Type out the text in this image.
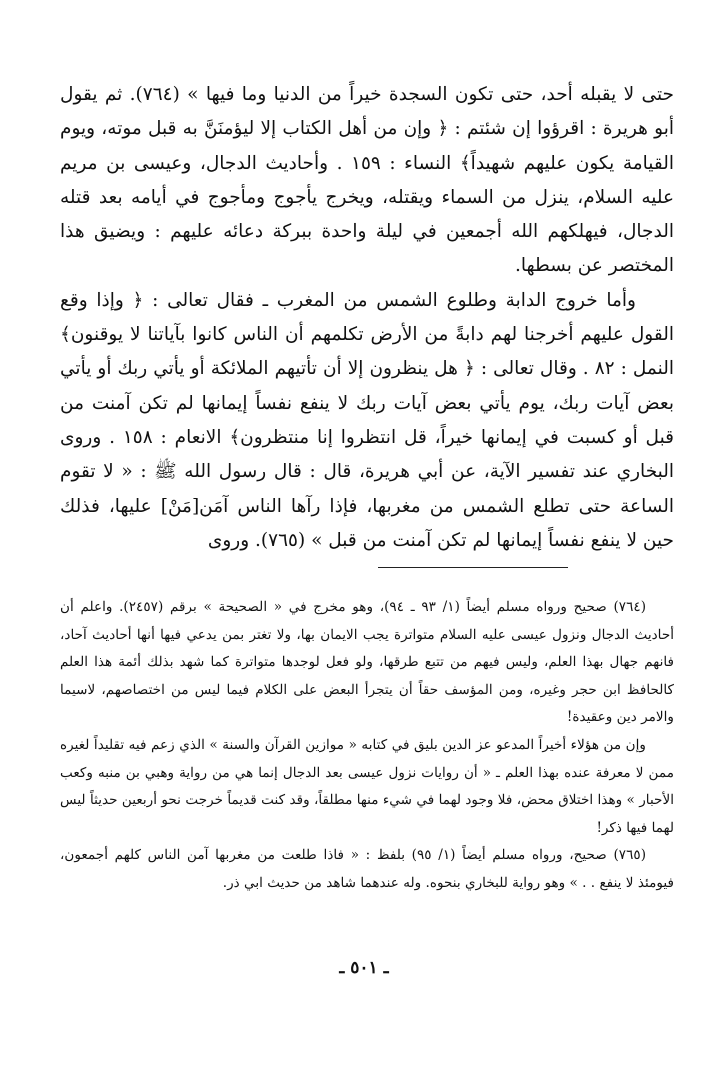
حتى لا يقبله أحد، حتى تكون السجدة خيراً من الدنيا وما فيها » (٧٦٤). ثم يقول أبو هريرة : اقرؤوا إن شئتم : ﴿ وإن من أهل الكتاب إلا ليؤمنَنَّ به قبل موته، ويوم القيامة يكون عليهم شهيداً﴾ النساء : ١٥٩ . وأحاديث الدجال، وعيسى بن مريم عليه السلام، ينزل من السماء ويقتله، ويخرج يأجوج ومأجوج في أيامه بعد قتله الدجال، فيهلكهم الله أجمعين في ليلة واحدة ببركة دعائه عليهم : ويضيق هذا المختصر عن بسطها.

وأما خروج الدابة وطلوع الشمس من المغرب ـ فقال تعالى : ﴿ وإذا وقع القول عليهم أخرجنا لهم دابةً من الأرض تكلمهم أن الناس كانوا بآياتنا لا يوقنون﴾ النمل : ٨٢ . وقال تعالى : ﴿ هل ينظرون إلا أن تأتيهم الملائكة أو يأتي ربك أو يأتي بعض آيات ربك، يوم يأتي بعض آيات ربك لا ينفع نفساً إيمانها لم تكن آمنت من قبل أو كسبت في إيمانها خيراً، قل انتظروا إنا منتظرون﴾ الانعام : ١٥٨ . وروى البخاري عند تفسير الآية، عن أبي هريرة، قال : قال رسول الله ﷺ : « لا تقوم الساعة حتى تطلع الشمس من مغربها، فإذا رآها الناس آمَن[مَنْ] عليها، فذلك حين لا ينفع نفساً إيمانها لم تكن آمنت من قبل » (٧٦٥). وروى

(٧٦٤) صحيح ورواه مسلم أيضاً (١/ ٩٣ ـ ٩٤)، وهو مخرج في « الصحيحة » برقم (٢٤٥٧). واعلم أن أحاديث الدجال ونزول عيسى عليه السلام متواترة يجب الايمان بها، ولا تغتر بمن يدعي فيها أنها أحاديث آحاد، فانهم جهال بهذا العلم، وليس فيهم من تتبع طرقها، ولو فعل لوجدها متواترة كما شهد بذلك أئمة هذا العلم كالحافظ ابن حجر وغيره، ومن المؤسف حقاً أن يتجرأ البعض على الكلام فيما ليس من اختصاصهم، لاسيما والامر دين وعقيدة!

وإن من هؤلاء أخيراً المدعو عز الدين بليق في كتابه « موازين القرآن والسنة » الذي زعم فيه تقليداً لغيره ممن لا معرفة عنده بهذا العلم ـ « أن روايات نزول عيسى بعد الدجال إنما هي من رواية وهبي بن منبه وكعب الأحبار » وهذا اختلاق محض، فلا وجود لهما في شيء منها مطلقاً، وقد كنت قديماً خرجت نحو أربعين حديثاً ليس لهما فيها ذكر!

(٧٦٥) صحيح، ورواه مسلم أيضاً (١/ ٩٥) بلفظ : « فاذا طلعت من مغربها آمن الناس كلهم أجمعون، فيومئذ لا ينفع . . » وهو رواية للبخاري بنحوه. وله عندهما شاهد من حديث ابي ذر.

ـ ٥٠١ ـ
